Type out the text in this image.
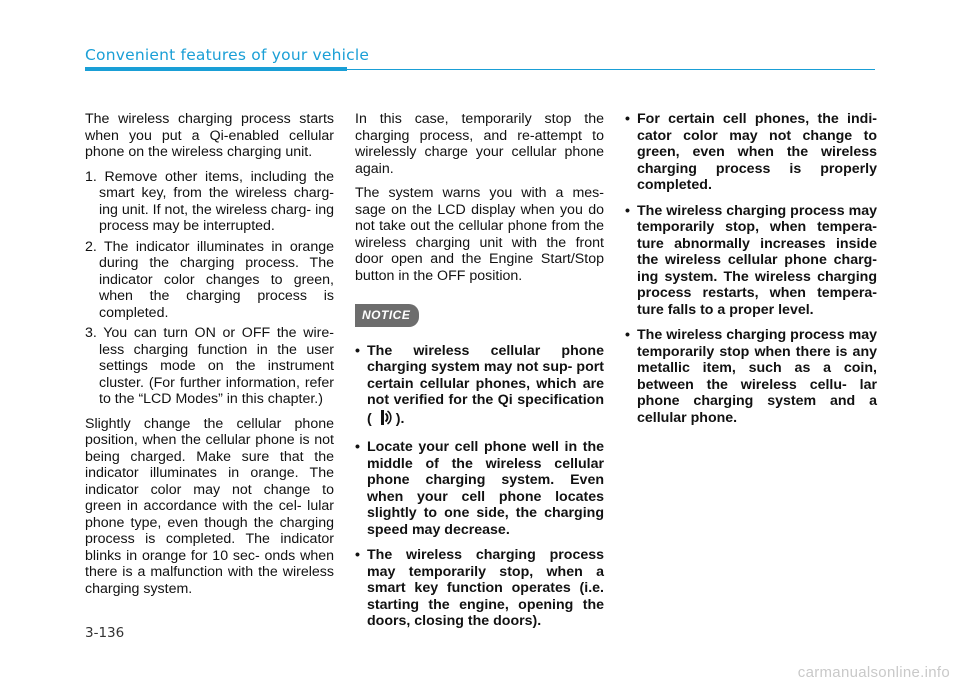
Convenient features of your vehicle

The wireless charging process starts when you put a Qi-enabled cellular phone on the wireless charging unit.

1. Remove other items, including the smart key, from the wireless charg- ing unit. If not, the wireless charg- ing process may be interrupted.
2. The indicator illuminates in orange during the charging process. The indicator color changes to green, when the charging process is completed.
3. You can turn ON or OFF the wire- less charging function in the user settings mode on the instrument cluster. (For further information, refer to the “LCD Modes” in this chapter.)

Slightly change the cellular phone position, when the cellular phone is not being charged. Make sure that the indicator illuminates in orange. The indicator color may not change to green in accordance with the cel- lular phone type, even though the charging process is completed. The indicator blinks in orange for 10 sec- onds when there is a malfunction with the wireless charging system.

In this case, temporarily stop the charging process, and re-attempt to wirelessly charge your cellular phone again.

The system warns you with a mes- sage on the LCD display when you do not take out the cellular phone from the wireless charging unit with the front door open and the Engine Start/Stop button in the OFF position.

NOTICE
• The wireless cellular phone charging system may not sup- port certain cellular phones, which are not verified for the Qi specification ( ).
• Locate your cell phone well in the middle of the wireless cellular phone charging system. Even when your cell phone locates slightly to one side, the charging speed may decrease.
• The wireless charging process may temporarily stop, when a smart key function operates (i.e. starting the engine, opening the doors, closing the doors).
• For certain cell phones, the indi- cator color may not change to green, even when the wireless charging process is properly completed.
• The wireless charging process may temporarily stop, when tempera- ture abnormally increases inside the wireless cellular phone charg- ing system. The wireless charging process restarts, when tempera- ture falls to a proper level.
• The wireless charging process may temporarily stop when there is any metallic item, such as a coin, between the wireless cellu- lar phone charging system and a cellular phone.
3-136
carmanualsonline.info
